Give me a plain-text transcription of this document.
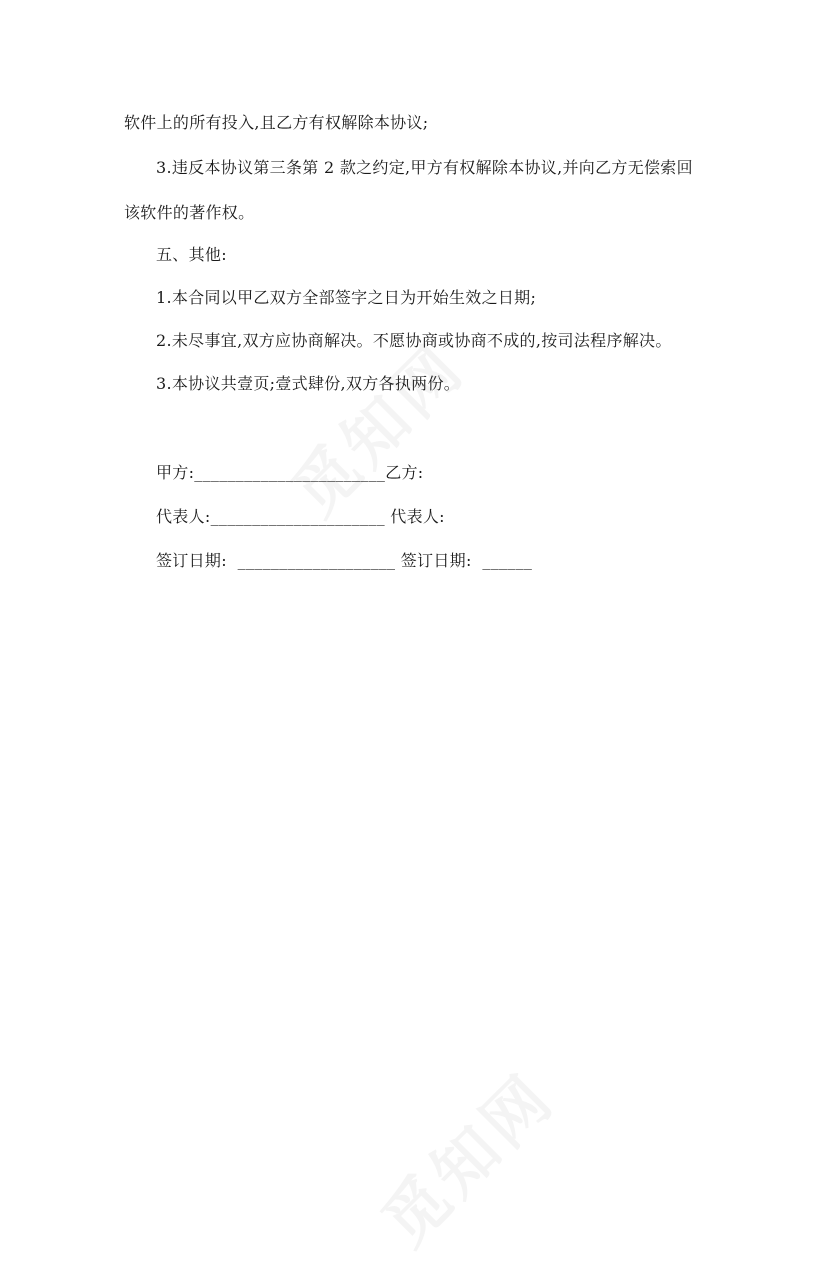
软件上的所有投入,且乙方有权解除本协议;
3.违反本协议第三条第 2 款之约定,甲方有权解除本协议,并向乙方无偿索回
该软件的著作权。
五、其他:
1.本合同以甲乙双方全部签字之日为开始生效之日期;
2.未尽事宜,双方应协商解决。不愿协商或协商不成的,按司法程序解决。
3.本协议共壹页;壹式肆份,双方各执两份。
甲方:_______________________乙方:
代表人:_____________________ 代表人:
签订日期:  ___________________ 签订日期:  ______
